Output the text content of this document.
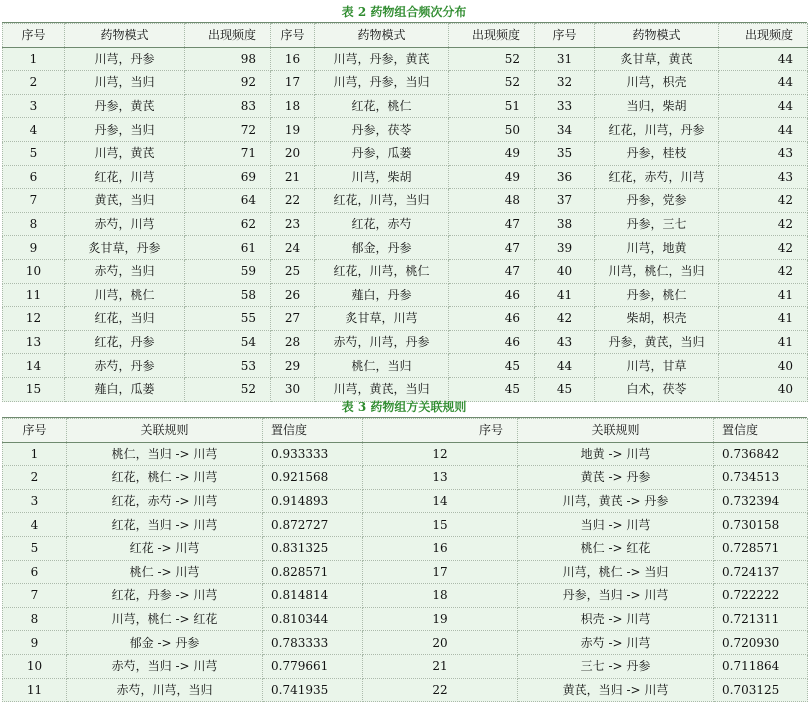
表 2 药物组合频次分布
序号	药物模式	出现频度	序号	药物模式	出现频度	序号	药物模式	出现频度
1	川芎，丹参	98	16	川芎，丹参，黄芪	52	31	炙甘草，黄芪	44
2	川芎，当归	92	17	川芎，丹参，当归	52	32	川芎，枳壳	44
3	丹参，黄芪	83	18	红花，桃仁	51	33	当归，柴胡	44
4	丹参，当归	72	19	丹参，茯苓	50	34	红花，川芎，丹参	44
5	川芎，黄芪	71	20	丹参，瓜蒌	49	35	丹参，桂枝	43
6	红花，川芎	69	21	川芎，柴胡	49	36	红花，赤芍，川芎	43
7	黄芪，当归	64	22	红花，川芎，当归	48	37	丹参，党参	42
8	赤芍，川芎	62	23	红花，赤芍	47	38	丹参，三七	42
9	炙甘草，丹参	61	24	郁金，丹参	47	39	川芎，地黄	42
10	赤芍，当归	59	25	红花，川芎，桃仁	47	40	川芎，桃仁，当归	42
11	川芎，桃仁	58	26	薤白，丹参	46	41	丹参，桃仁	41
12	红花，当归	55	27	炙甘草，川芎	46	42	柴胡，枳壳	41
13	红花，丹参	54	28	赤芍，川芎，丹参	46	43	丹参，黄芪，当归	41
14	赤芍，丹参	53	29	桃仁，当归	45	44	川芎，甘草	40
15	薤白，瓜蒌	52	30	川芎，黄芪，当归	45	45	白术，茯苓	40
表 3 药物组方关联规则
序号	关联规则	置信度	序号	关联规则	置信度
1	桃仁，当归 -> 川芎	0.933333	12	地黄 -> 川芎	0.736842
2	红花，桃仁 -> 川芎	0.921568	13	黄芪 -> 丹参	0.734513
3	红花，赤芍 -> 川芎	0.914893	14	川芎，黄芪 -> 丹参	0.732394
4	红花，当归 -> 川芎	0.872727	15	当归 -> 川芎	0.730158
5	红花 -> 川芎	0.831325	16	桃仁 -> 红花	0.728571
6	桃仁 -> 川芎	0.828571	17	川芎，桃仁 -> 当归	0.724137
7	红花，丹参 -> 川芎	0.814814	18	丹参，当归 -> 川芎	0.722222
8	川芎，桃仁 -> 红花	0.810344	19	枳壳 -> 川芎	0.721311
9	郁金 -> 丹参	0.783333	20	赤芍 -> 川芎	0.720930
10	赤芍，当归 -> 川芎	0.779661	21	三七 -> 丹参	0.711864
11	赤芍，川芎，当归	0.741935	22	黄芪，当归 -> 川芎	0.703125
